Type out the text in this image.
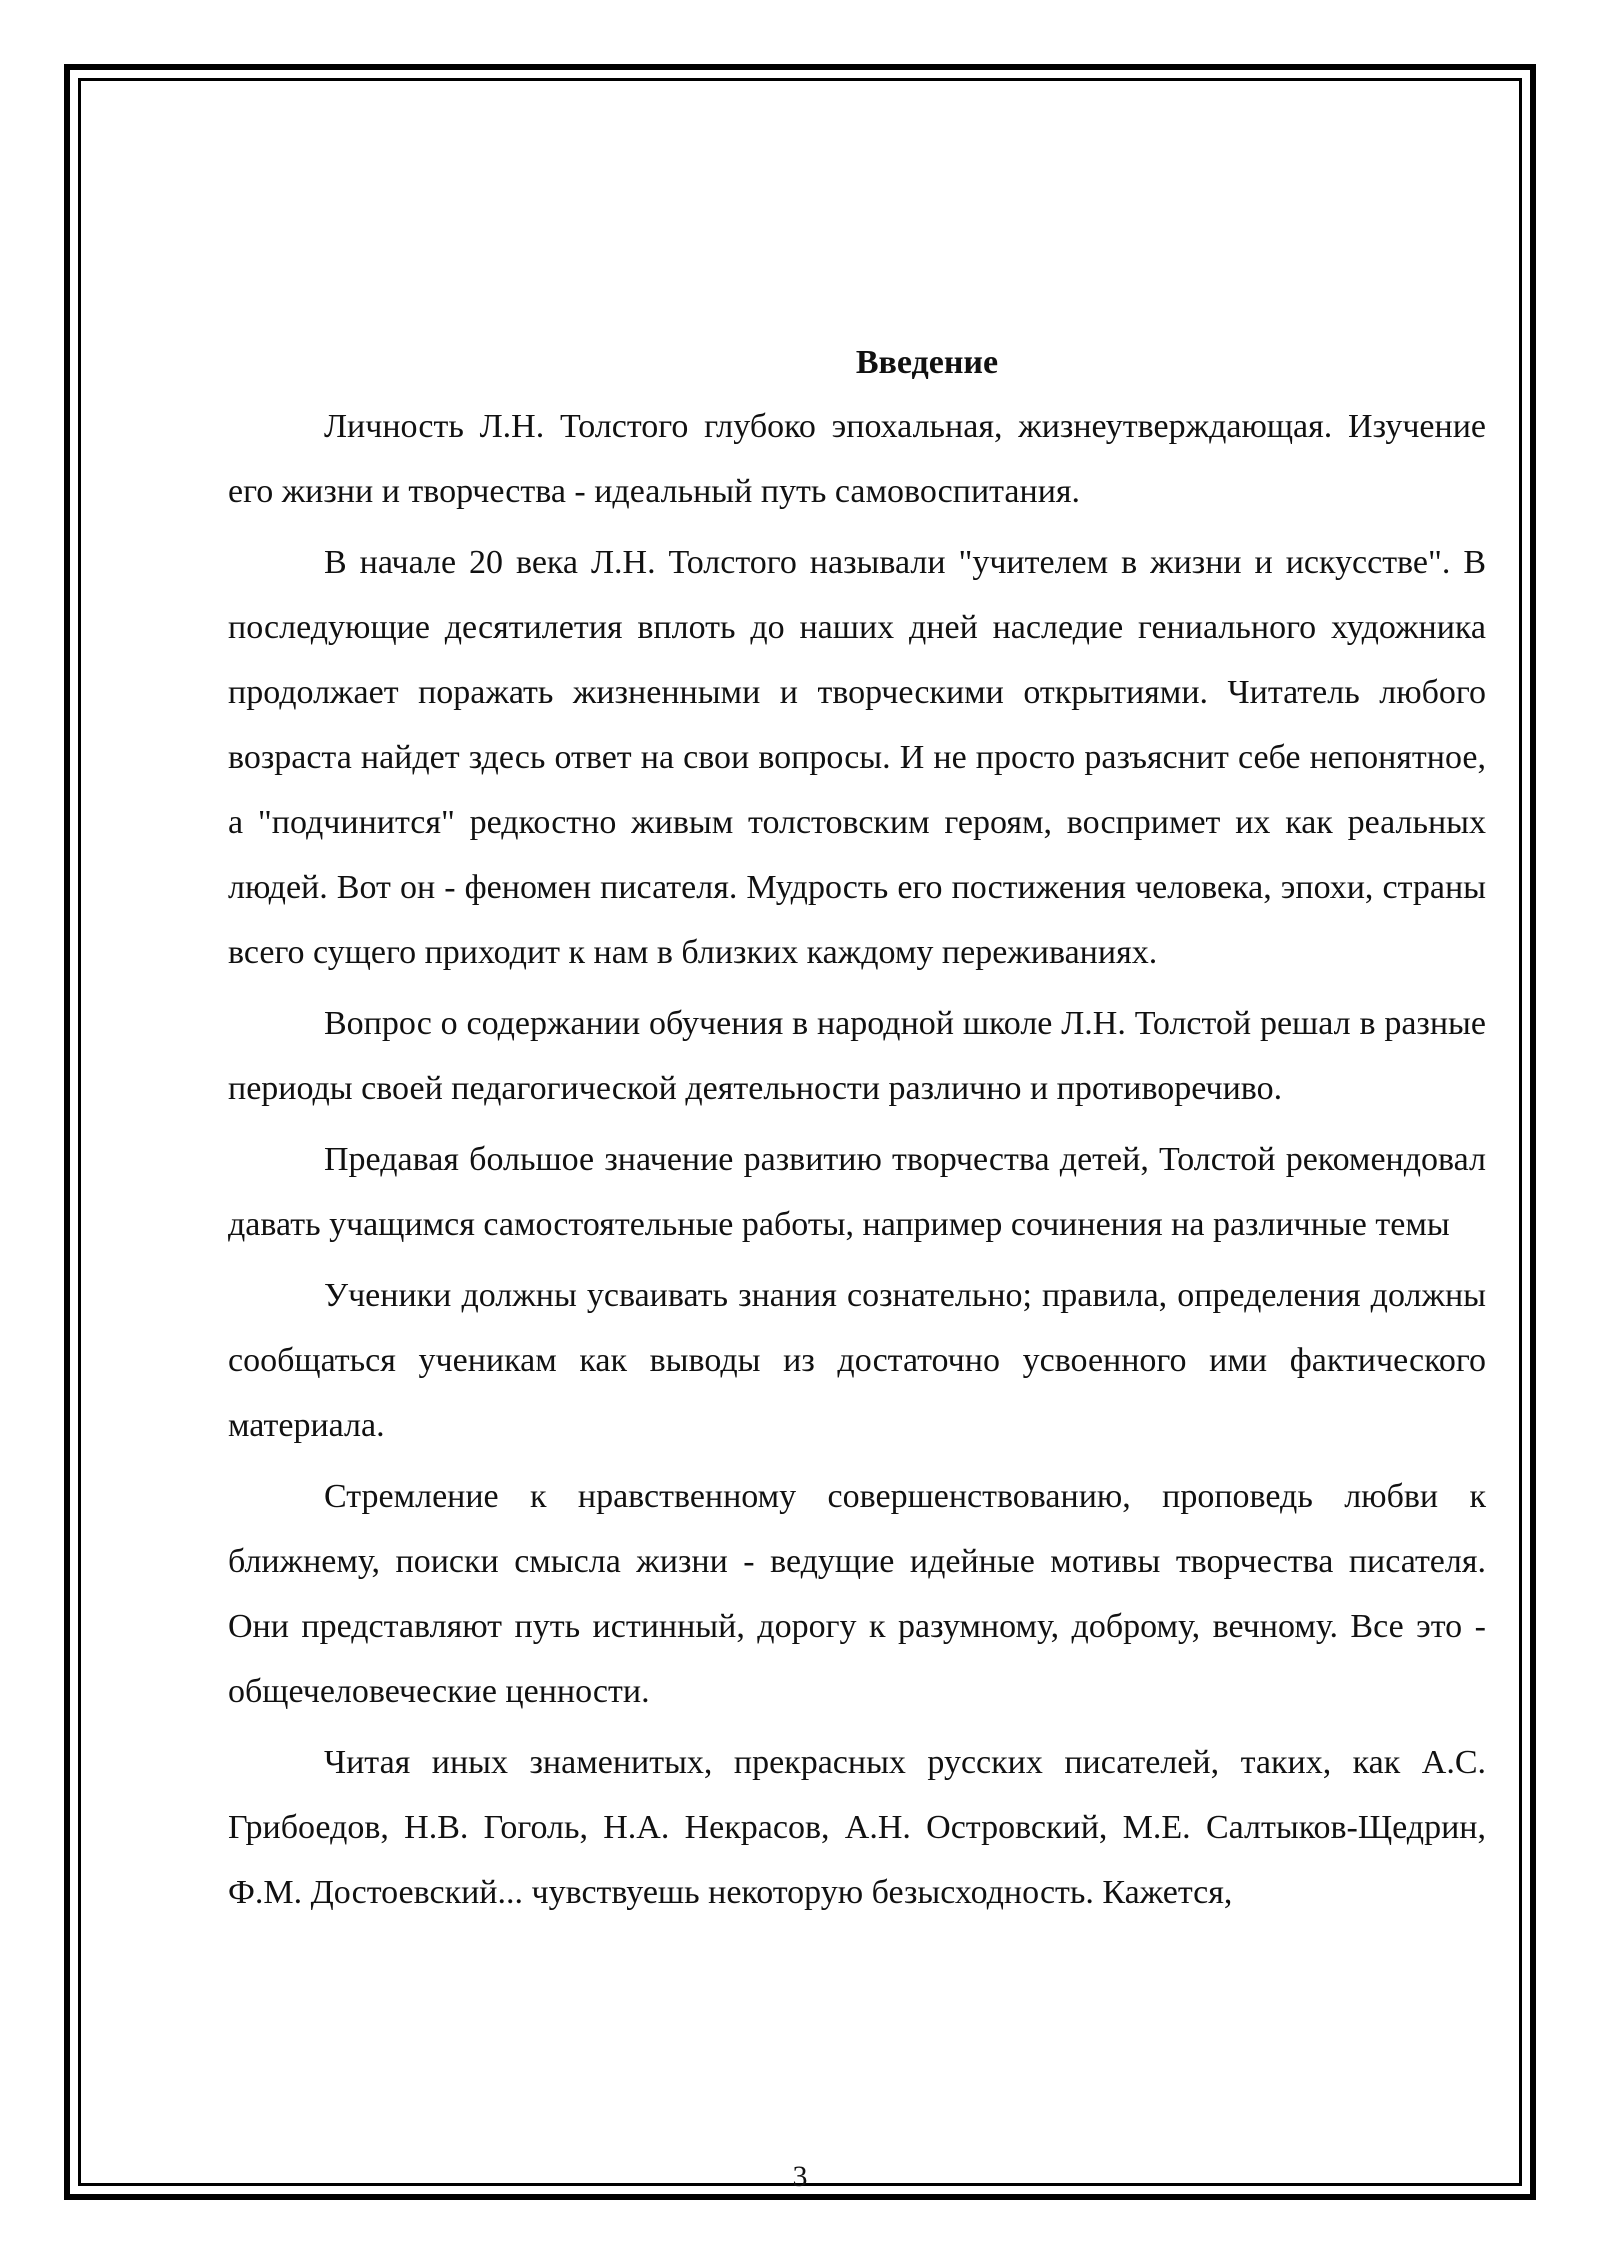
Введение

Личность Л.Н. Толстого глубоко эпохальная, жизнеутверждающая. Изучение его жизни и творчества - идеальный путь самовоспитания.

В начале 20 века Л.Н. Толстого называли "учителем в жизни и искусстве". В последующие десятилетия вплоть до наших дней наследие гениального художника продолжает поражать жизненными и творческими открытиями. Читатель любого возраста найдет здесь ответ на свои вопросы. И не просто разъяснит себе непонятное, а "подчинится" редкостно живым толстовским героям, воспримет их как реальных людей. Вот он - феномен писателя. Мудрость его постижения человека, эпохи, страны всего сущего приходит к нам в близких каждому переживаниях.

Вопрос о содержании обучения в народной школе Л.Н. Толстой решал в разные периоды своей педагогической деятельности различно и противоречиво.

Предавая большое значение развитию творчества детей, Толстой рекомендовал давать учащимся самостоятельные работы, например сочинения на различные темы

Ученики должны усваивать знания сознательно; правила, определения должны сообщаться ученикам как выводы из достаточно усвоенного ими фактического материала.

Стремление к нравственному совершенствованию, проповедь любви к ближнему, поиски смысла жизни - ведущие идейные мотивы творчества писателя. Они представляют путь истинный, дорогу к разумному, доброму, вечному. Все это - общечеловеческие ценности.

Читая иных знаменитых, прекрасных русских писателей, таких, как А.С. Грибоедов, Н.В. Гоголь, Н.А. Некрасов, А.Н. Островский, М.Е. Салтыков-Щедрин, Ф.М. Достоевский... чувствуешь некоторую безысходность. Кажется,

3
